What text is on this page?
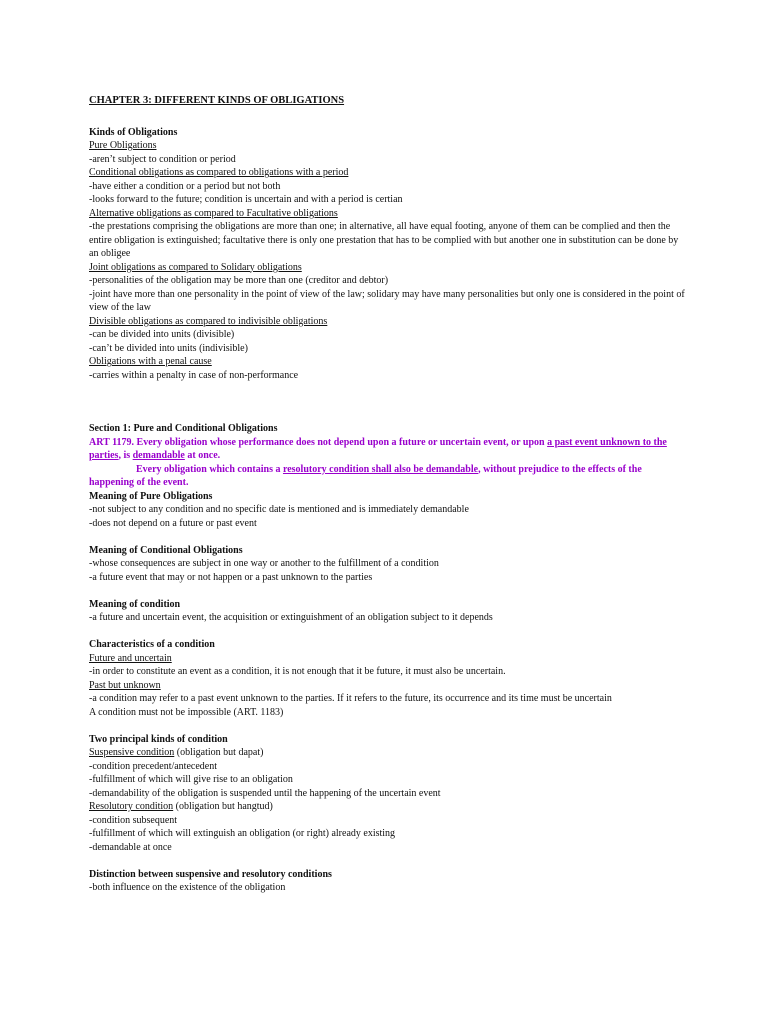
CHAPTER 3: DIFFERENT KINDS OF OBLIGATIONS
Kinds of Obligations
Pure Obligations
-aren’t subject to condition or period
Conditional obligations as compared to obligations with a period
-have either a condition or a period but not both
-looks forward to the future; condition is uncertain and with a period is certian
Alternative obligations as compared to Facultative obligations
-the prestations comprising the obligations are more than one; in alternative, all have equal footing, anyone of them can be complied and then the entire obligation is extinguished; facultative there is only one prestation that has to be complied with but another one in substitution can be done by an obligee
Joint obligations as compared to Solidary obligations
-personalities of the obligation may be more than one (creditor and debtor)
-joint have more than one personality in the point of view of the law; solidary may have many personalities but only one is considered in the point of view of the law
Divisible obligations as compared to indivisible obligations
-can be divided into units (divisible)
-can’t be divided into units (indivisible)
Obligations with a penal cause
-carries within a penalty in case of non-performance
Section 1: Pure and Conditional Obligations
ART 1179. Every obligation whose performance does not depend upon a future or uncertain event, or upon a past event unknown to the parties, is demandable at once.
Every obligation which contains a resolutory condition shall also be demandable, without prejudice to the effects of the happening of the event.
Meaning of Pure Obligations
-not subject to any condition and no specific date is mentioned and is immediately demandable
-does not depend on a future or past event
Meaning of Conditional Obligations
-whose consequences are subject in one way or another to the fulfillment of a condition
-a future event that may or not happen or a past unknown to the parties
Meaning of condition
-a future and uncertain event, the acquisition or extinguishment of an obligation subject to it depends
Characteristics of a condition
Future and uncertain
-in order to constitute an event as a condition, it is not enough that it be future, it must also be uncertain.
Past but unknown
-a condition may refer to a past event unknown to the parties. If it refers to the future, its occurrence and its time must be uncertain
A condition must not be impossible (ART. 1183)
Two principal kinds of condition
Suspensive condition (obligation but dapat)
-condition precedent/antecedent
-fulfillment of which will give rise to an obligation
-demandability of the obligation is suspended until the happening of the uncertain event
Resolutory condition (obligation but hangtud)
-condition subsequent
-fulfillment of which will extinguish an obligation (or right) already existing
-demandable at once
Distinction between suspensive and resolutory conditions
-both influence on the existence of the obligation
